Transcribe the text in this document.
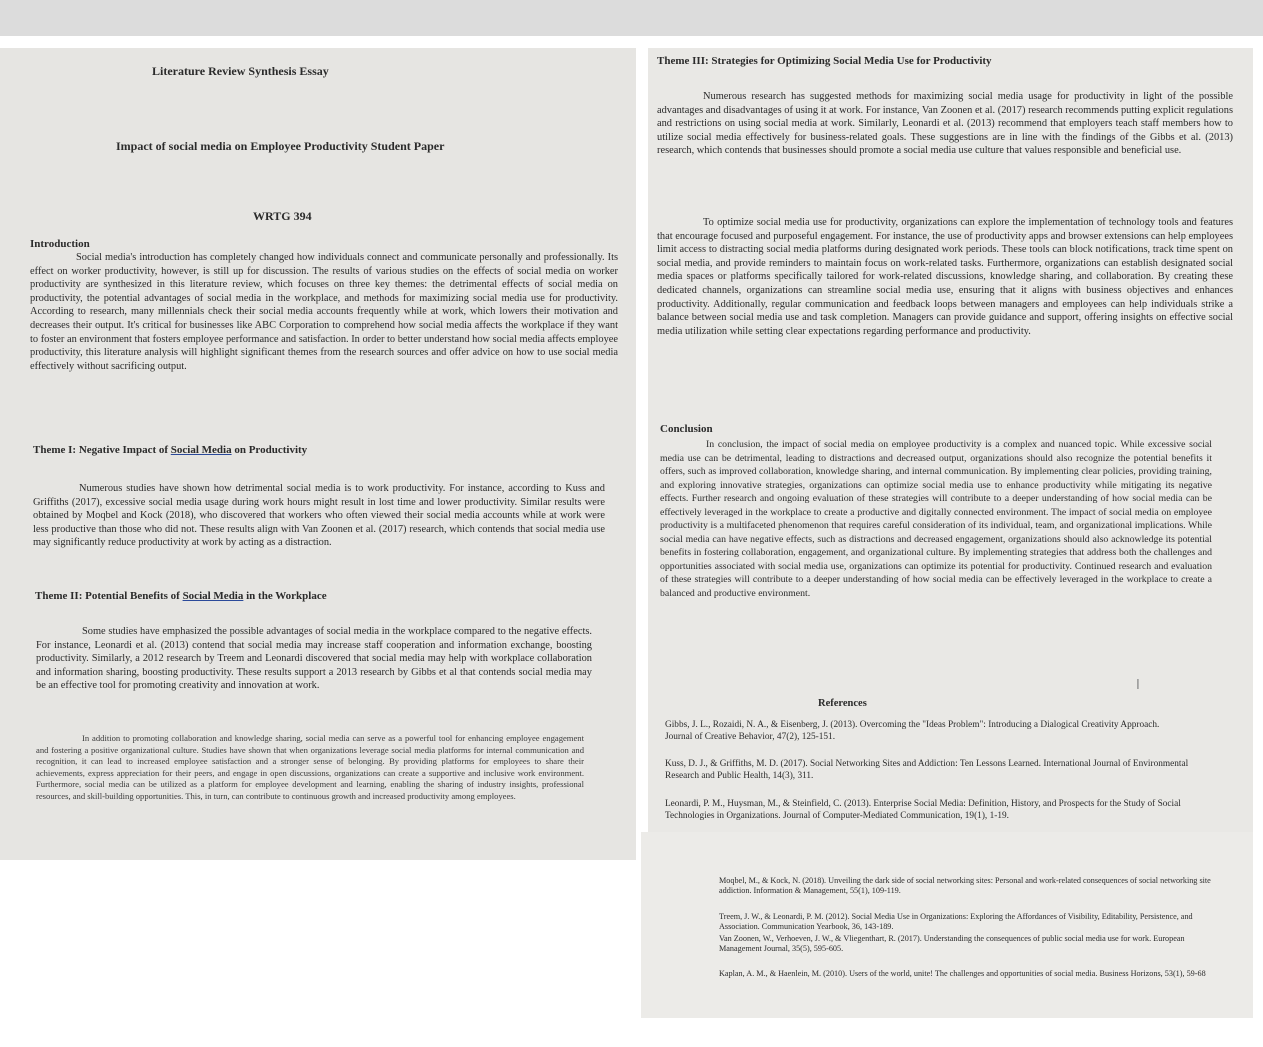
Literature Review Synthesis Essay
Impact of social media on Employee Productivity Student Paper
WRTG 394
Introduction

Social media's introduction has completely changed how individuals connect and communicate personally and professionally. Its effect on worker productivity, however, is still up for discussion. The results of various studies on the effects of social media on worker productivity are synthesized in this literature review, which focuses on three key themes: the detrimental effects of social media on productivity, the potential advantages of social media in the workplace, and methods for maximizing social media use for productivity. According to research, many millennials check their social media accounts frequently while at work, which lowers their motivation and decreases their output. It's critical for businesses like ABC Corporation to comprehend how social media affects the workplace if they want to foster an environment that fosters employee performance and satisfaction. In order to better understand how social media affects employee productivity, this literature analysis will highlight significant themes from the research sources and offer advice on how to use social media effectively without sacrificing output.

Theme I: Negative Impact of Social Media on Productivity

Numerous studies have shown how detrimental social media is to work productivity. For instance, according to Kuss and Griffiths (2017), excessive social media usage during work hours might result in lost time and lower productivity. Similar results were obtained by Moqbel and Kock (2018), who discovered that workers who often viewed their social media accounts while at work were less productive than those who did not. These results align with Van Zoonen et al. (2017) research, which contends that social media use may significantly reduce productivity at work by acting as a distraction.

Theme II: Potential Benefits of Social Media in the Workplace

Some studies have emphasized the possible advantages of social media in the workplace compared to the negative effects. For instance, Leonardi et al. (2013) contend that social media may increase staff cooperation and information exchange, boosting productivity. Similarly, a 2012 research by Treem and Leonardi discovered that social media may help with workplace collaboration and information sharing, boosting productivity. These results support a 2013 research by Gibbs et al that contends social media may be an effective tool for promoting creativity and innovation at work.

In addition to promoting collaboration and knowledge sharing, social media can serve as a powerful tool for enhancing employee engagement and fostering a positive organizational culture. Studies have shown that when organizations leverage social media platforms for internal communication and recognition, it can lead to increased employee satisfaction and a stronger sense of belonging. By providing platforms for employees to share their achievements, express appreciation for their peers, and engage in open discussions, organizations can create a supportive and inclusive work environment. Furthermore, social media can be utilized as a platform for employee development and learning, enabling the sharing of industry insights, professional resources, and skill-building opportunities. This, in turn, can contribute to continuous growth and increased productivity among employees.

Theme III: Strategies for Optimizing Social Media Use for Productivity

Numerous research has suggested methods for maximizing social media usage for productivity in light of the possible advantages and disadvantages of using it at work. For instance, Van Zoonen et al. (2017) research recommends putting explicit regulations and restrictions on using social media at work. Similarly, Leonardi et al. (2013) recommend that employers teach staff members how to utilize social media effectively for business-related goals. These suggestions are in line with the findings of the Gibbs et al. (2013) research, which contends that businesses should promote a social media use culture that values responsible and beneficial use.

To optimize social media use for productivity, organizations can explore the implementation of technology tools and features that encourage focused and purposeful engagement. For instance, the use of productivity apps and browser extensions can help employees limit access to distracting social media platforms during designated work periods. These tools can block notifications, track time spent on social media, and provide reminders to maintain focus on work-related tasks. Furthermore, organizations can establish designated social media spaces or platforms specifically tailored for work-related discussions, knowledge sharing, and collaboration. By creating these dedicated channels, organizations can streamline social media use, ensuring that it aligns with business objectives and enhances productivity. Additionally, regular communication and feedback loops between managers and employees can help individuals strike a balance between social media use and task completion. Managers can provide guidance and support, offering insights on effective social media utilization while setting clear expectations regarding performance and productivity.

Conclusion

In conclusion, the impact of social media on employee productivity is a complex and nuanced topic. While excessive social media use can be detrimental, leading to distractions and decreased output, organizations should also recognize the potential benefits it offers, such as improved collaboration, knowledge sharing, and internal communication. By implementing clear policies, providing training, and exploring innovative strategies, organizations can optimize social media use to enhance productivity while mitigating its negative effects. Further research and ongoing evaluation of these strategies will contribute to a deeper understanding of how social media can be effectively leveraged in the workplace to create a productive and digitally connected environment. The impact of social media on employee productivity is a multifaceted phenomenon that requires careful consideration of its individual, team, and organizational implications. While social media can have negative effects, such as distractions and decreased engagement, organizations should also acknowledge its potential benefits in fostering collaboration, engagement, and organizational culture. By implementing strategies that address both the challenges and opportunities associated with social media use, organizations can optimize its potential for productivity. Continued research and evaluation of these strategies will contribute to a deeper understanding of how social media can be effectively leveraged in the workplace to create a balanced and productive environment.

References
I

Gibbs, J. L., Rozaidi, N. A., & Eisenberg, J. (2013). Overcoming the "Ideas Problem": Introducing a Dialogical Creativity Approach. Journal of Creative Behavior, 47(2), 125-151.

Kuss, D. J., & Griffiths, M. D. (2017). Social Networking Sites and Addiction: Ten Lessons Learned. International Journal of Environmental Research and Public Health, 14(3), 311.

Leonardi, P. M., Huysman, M., & Steinfield, C. (2013). Enterprise Social Media: Definition, History, and Prospects for the Study of Social Technologies in Organizations. Journal of Computer-Mediated Communication, 19(1), 1-19.

Moqbel, M., & Kock, N. (2018). Unveiling the dark side of social networking sites: Personal and work-related consequences of social networking site addiction. Information & Management, 55(1), 109-119.

Treem, J. W., & Leonardi, P. M. (2012). Social Media Use in Organizations: Exploring the Affordances of Visibility, Editability, Persistence, and Association. Communication Yearbook, 36, 143-189.

Van Zoonen, W., Verhoeven, J. W., & Vliegenthart, R. (2017). Understanding the consequences of public social media use for work. European Management Journal, 35(5), 595-605.

Kaplan, A. M., & Haenlein, M. (2010). Users of the world, unite! The challenges and opportunities of social media. Business Horizons, 53(1), 59-68
